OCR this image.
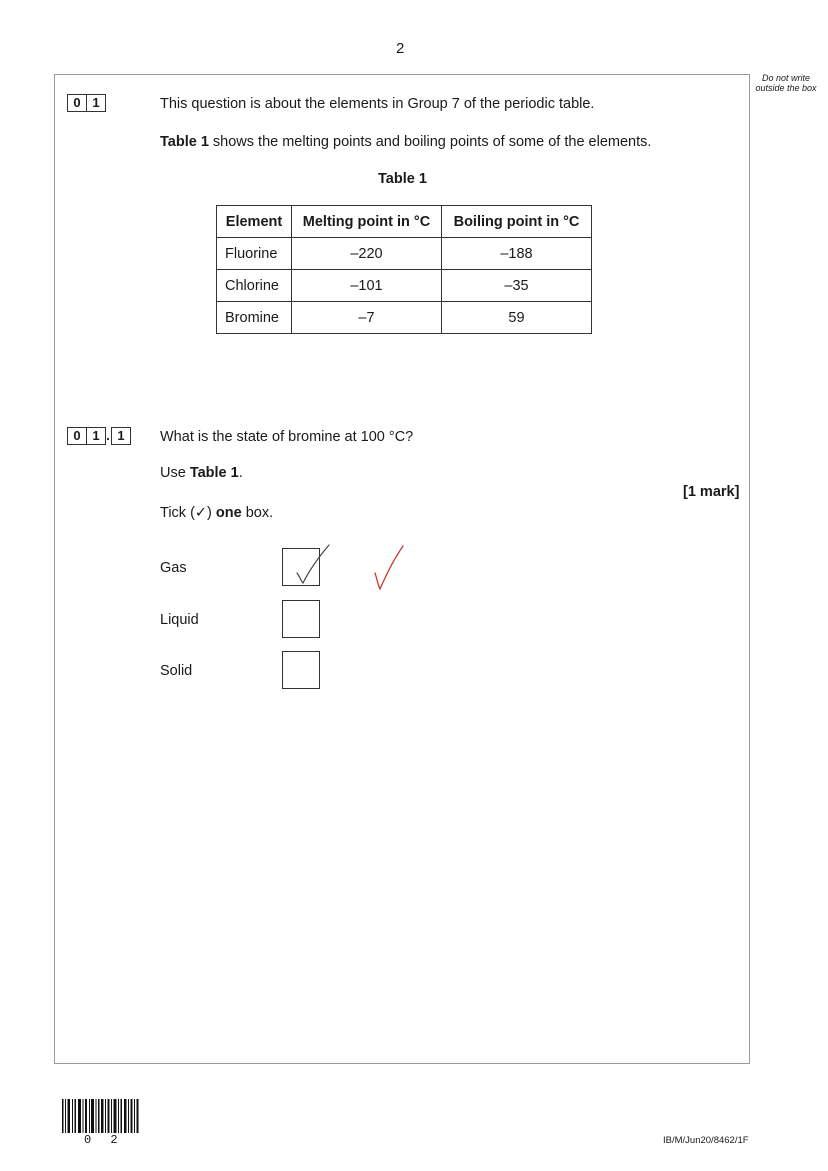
2
Do not write outside the box
0 1	This question is about the elements in Group 7 of the periodic table.
Table 1 shows the melting points and boiling points of some of the elements.
Table 1
Element	Melting point in °C	Boiling point in °C
Fluorine	–220	–188
Chlorine	–101	–35
Bromine	–7	59
0 1 . 1	What is the state of bromine at 100 °C?
Use Table 1.
[1 mark]
Tick (✓) one box.
Gas
Liquid
Solid
0 2	IB/M/Jun20/8462/1F
